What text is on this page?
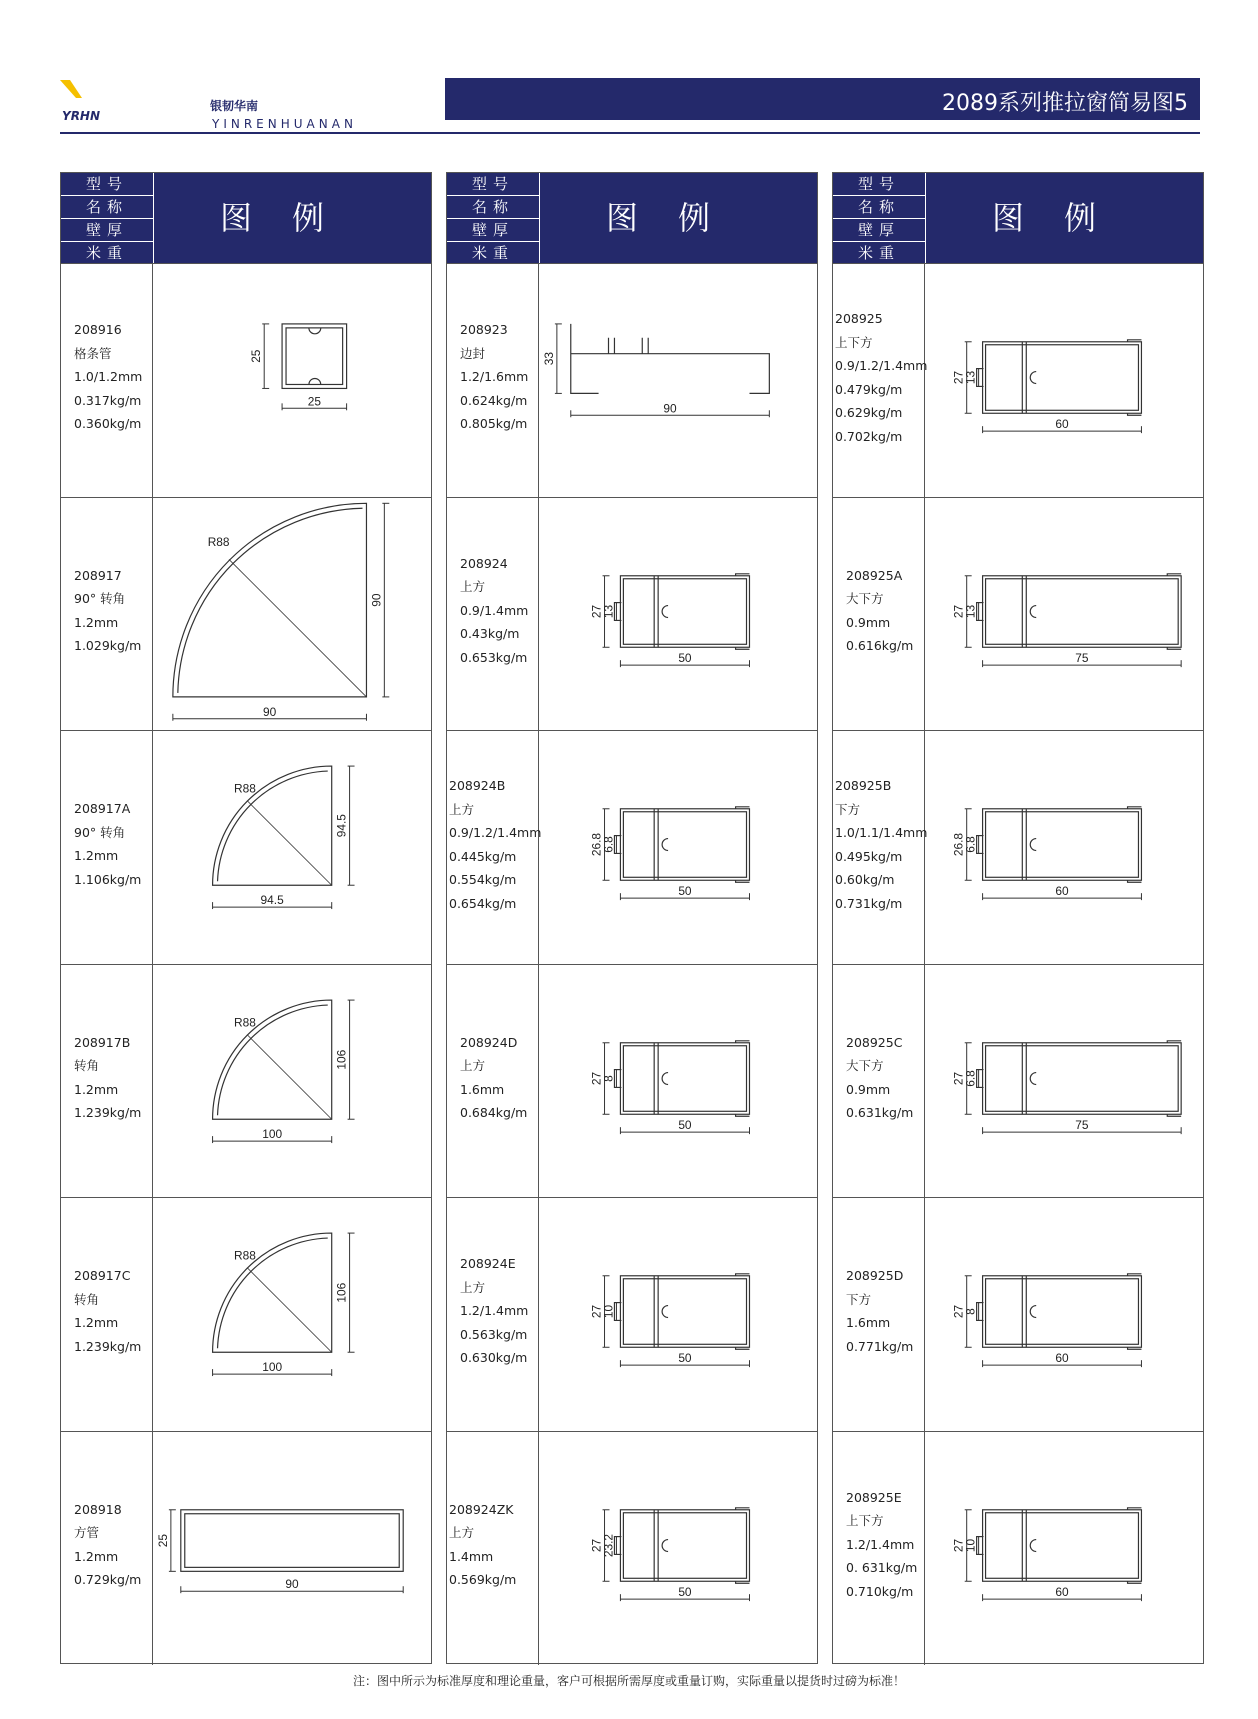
YRHN
银韧华南
YINRENHUANAN
2089系列推拉窗简易图5
型号
名称
壁厚
米重
图例
208916
格条管
1.0/1.2mm
0.317kg/m
0.360kg/m
25
25
208917
90° 转角
1.2mm
1.029kg/m
R88
90
90
208917A
90° 转角
1.2mm
1.106kg/m
R88
94.5
94.5
208917B
转角
1.2mm
1.239kg/m
R88
106
100
208917C
转角
1.2mm
1.239kg/m
R88
106
100
208918
方管
1.2mm
0.729kg/m
25
90
型号
名称
壁厚
米重
图例
208923
边封
1.2/1.6mm
0.624kg/m
0.805kg/m
33
90
208924
上方
0.9/1.4mm
0.43kg/m
0.653kg/m
27
13
50
208924B
上方
0.9/1.2/1.4mm
0.445kg/m
0.554kg/m
0.654kg/m
26.8
6.8
50
208924D
上方
1.6mm
0.684kg/m
27
8
50
208924E
上方
1.2/1.4mm
0.563kg/m
0.630kg/m
27
10
50
208924ZK
上方
1.4mm
0.569kg/m
27
23.2
50
型号
名称
壁厚
米重
图例
208925
上下方
0.9/1.2/1.4mm
0.479kg/m
0.629kg/m
0.702kg/m
27
13
60
208925A
大下方
0.9mm
0.616kg/m
27
13
75
208925B
下方
1.0/1.1/1.4mm
0.495kg/m
0.60kg/m
0.731kg/m
26.8
6.8
60
208925C
大下方
0.9mm
0.631kg/m
27
6.8
75
208925D
下方
1.6mm
0.771kg/m
27
8
60
208925E
上下方
1.2/1.4mm
0. 631kg/m
0.710kg/m
27
10
60
注：图中所示为标准厚度和理论重量，客户可根据所需厚度或重量订购，实际重量以提货时过磅为标准！
